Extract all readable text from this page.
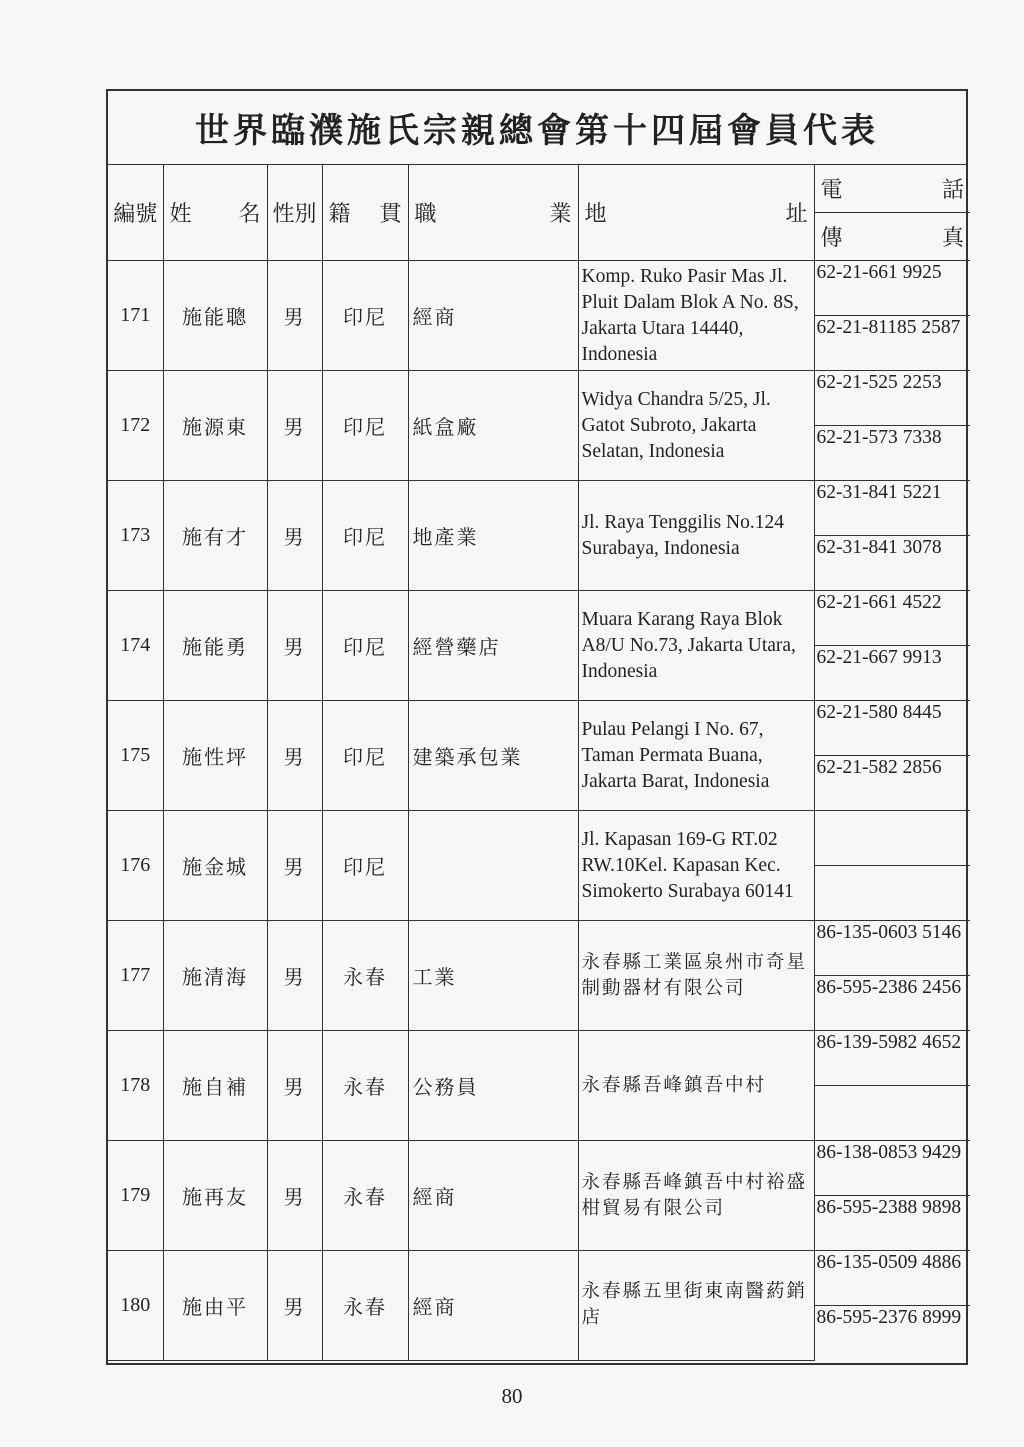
世界臨濮施氏宗親總會第十四屆會員代表
編號	姓 名	性別	籍 貫	職 業	地 址	電 話

						傳 真

171	施能聰	男	印尼	經商	Komp. Ruko Pasir Mas Jl. Pluit Dalam Blok A No. 8S, Jakarta Utara 14440, Indonesia	62-21-661 9925
						62-21-81185 2587
172	施源東	男	印尼	紙盒廠	Widya Chandra 5/25, Jl. Gatot Subroto, Jakarta Selatan, Indonesia	62-21-525 2253
						62-21-573 7338
173	施有才	男	印尼	地產業	Jl. Raya Tenggilis No.124 Surabaya, Indonesia	62-31-841 5221
						62-31-841 3078
174	施能勇	男	印尼	經營藥店	Muara Karang Raya Blok A8/U No.73, Jakarta Utara, Indonesia	62-21-661 4522
						62-21-667 9913
175	施性坪	男	印尼	建築承包業	Pulau Pelangi I No. 67, Taman Permata Buana, Jakarta Barat, Indonesia	62-21-580 8445
						62-21-582 2856
176	施金城	男	印尼		Jl. Kapasan 169-G RT.02 RW.10Kel. Kapasan Kec. Simokerto Surabaya 60141	

177	施清海	男	永春	工業	永春縣工業區泉州市奇星制動器材有限公司	86-135-0603 5146
						86-595-2386 2456
178	施自補	男	永春	公務員	永春縣吾峰鎮吾中村	86-139-5982 4652

179	施再友	男	永春	經商	永春縣吾峰鎮吾中村裕盛柑貿易有限公司	86-138-0853 9429
						86-595-2388 9898
180	施由平	男	永春	經商	永春縣五里街東南醫葯銷店	86-135-0509 4886
						86-595-2376 8999
80
